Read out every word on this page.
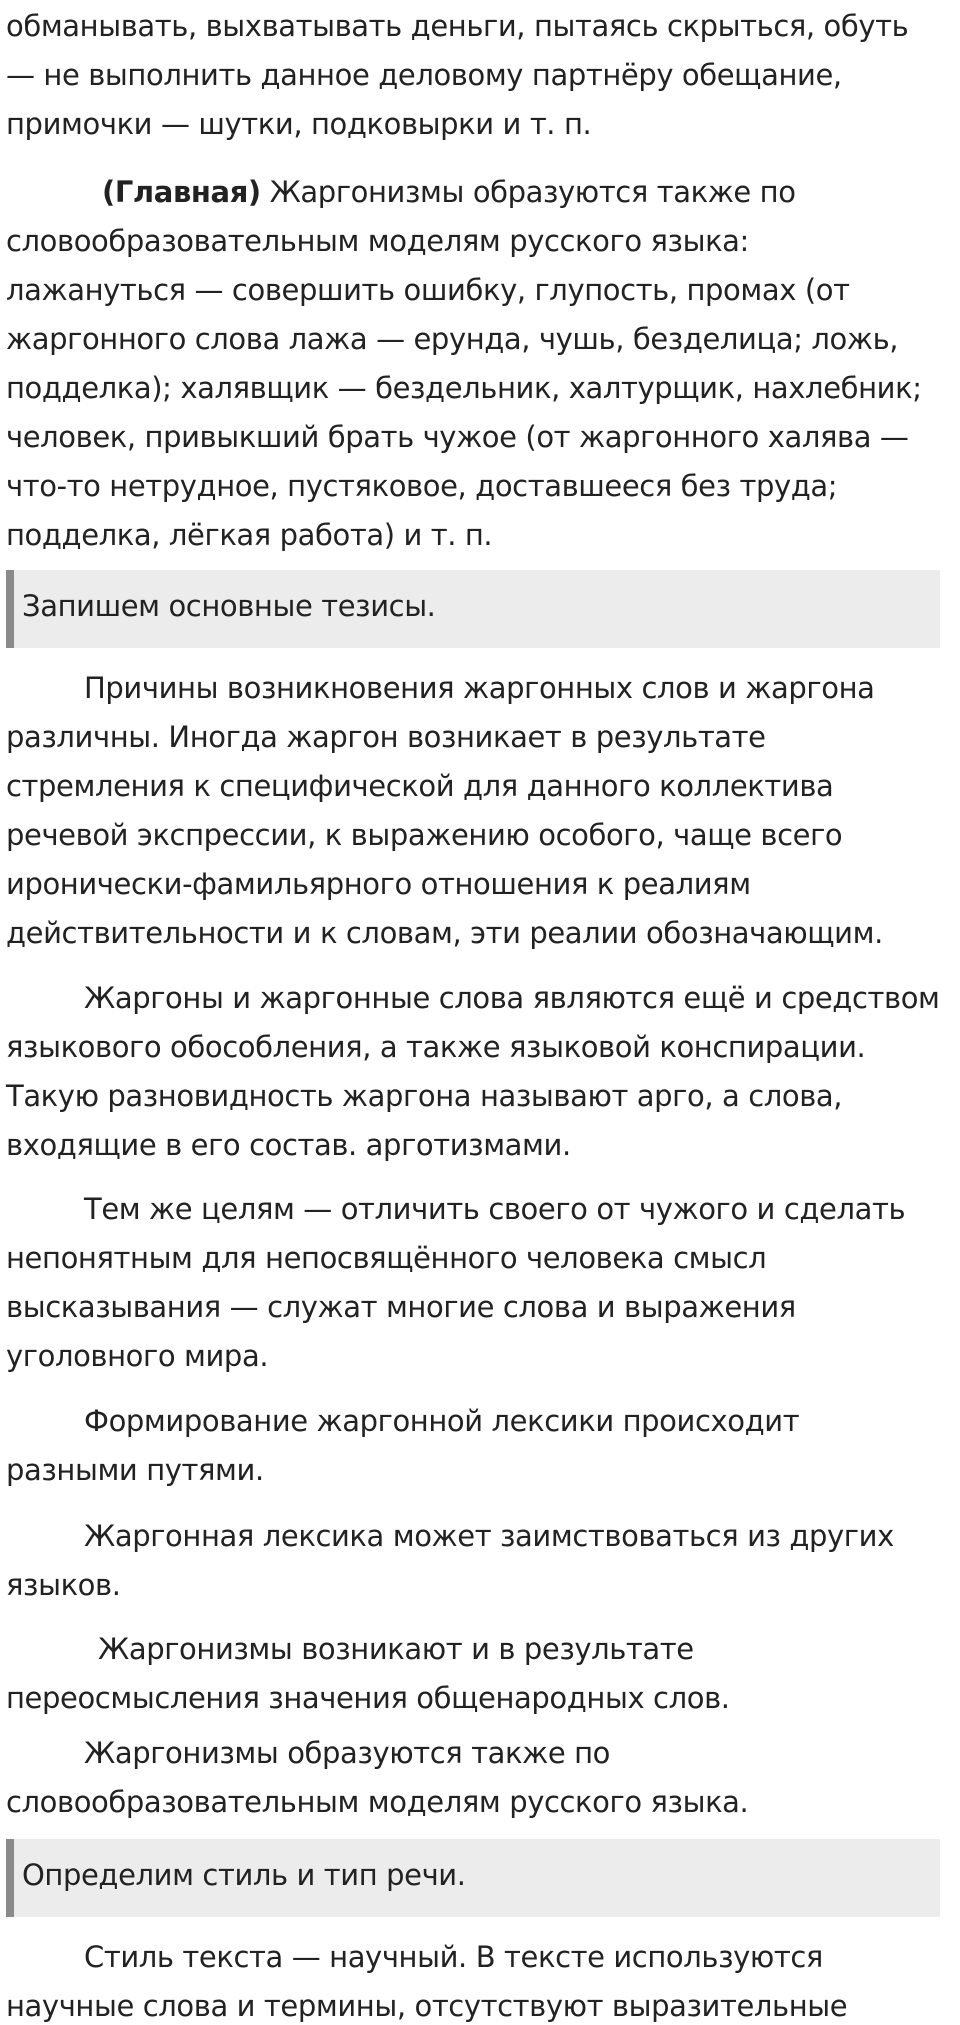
обманывать, выхватывать деньги, пытаясь скрыться, обуть
— не выполнить данное деловому партнёру обещание,
примочки — шутки, подковырки и т. п.

(Главная) Жаргонизмы образуются также по
словообразовательным моделям русского языка:
лажануться — совершить ошибку, глупость, промах (от
жаргонного слова лажа — ерунда, чушь, безделица; ложь,
подделка); халявщик — бездельник, халтурщик, нахлебник;
человек, привыкший брать чужое (от жаргонного халява —
что-то нетрудное, пустяковое, доставшееся без труда;
подделка, лёгкая работа) и т. п.

Запишем основные тезисы.

Причины возникновения жаргонных слов и жаргона
различны. Иногда жаргон возникает в результате
стремления к специфической для данного коллектива
речевой экспрессии, к выражению особого, чаще всего
иронически-фамильярного отношения к реалиям
действительности и к словам, эти реалии обозначающим.

Жаргоны и жаргонные слова являются ещё и средством
языкового обособления, а также языковой конспирации.
Такую разновидность жаргона называют арго, а слова,
входящие в его состав. арготизмами.

Тем же целям — отличить своего от чужого и сделать
непонятным для непосвящённого человека смысл
высказывания — служат многие слова и выражения
уголовного мира.

Формирование жаргонной лексики происходит
разными путями.

Жаргонная лексика может заимствоваться из других
языков.

Жаргонизмы возникают и в результате
переосмысления значения общенародных слов.

Жаргонизмы образуются также по
словообразовательным моделям русского языка.

Определим стиль и тип речи.

Стиль текста — научный. В тексте используются
научные слова и термины, отсутствуют выразительные
